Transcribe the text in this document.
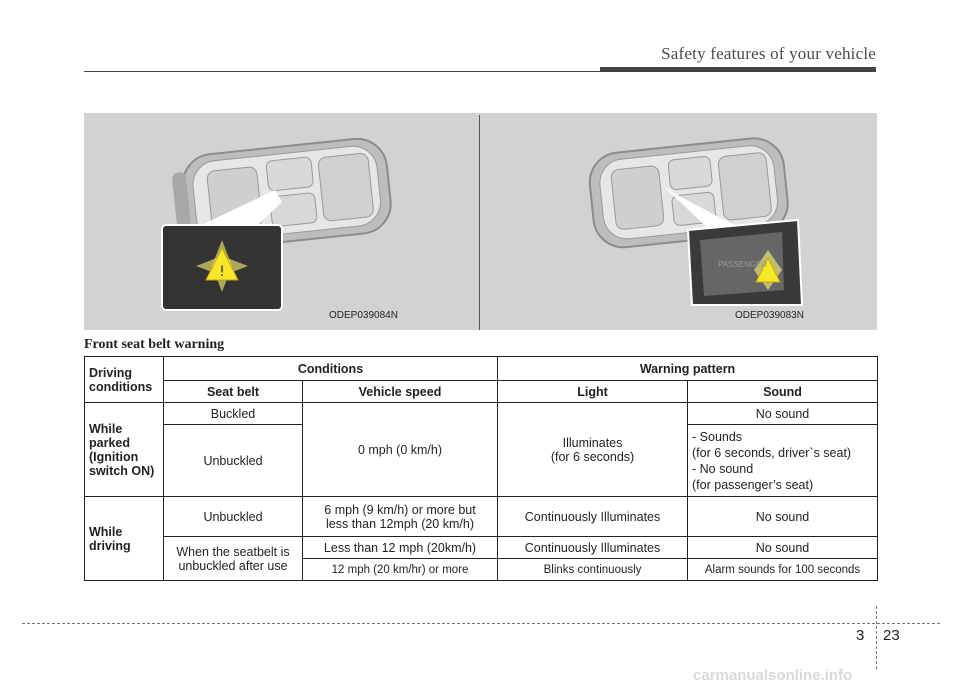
Safety features of your vehicle
!
ODEP039084N
PASSENGER
ODEP039083N
Front seat belt warning
Driving
conditions	Conditions		Warning pattern	
	Seat belt	Vehicle speed	Light	Sound
While
parked
(Ignition
switch ON)	Buckled	0 mph (0 km/h)	Illuminates
(for 6 seconds)	No sound
	Unbuckled			- Sounds
(for 6 seconds, driver`s seat)
- No sound
(for passenger’s seat)
While
driving	Unbuckled	6 mph (9 km/h) or more but
less than 12mph (20 km/h)	Continuously Illuminates	No sound
	When the seatbelt is
unbuckled after use	Less than 12 mph (20km/h)	Continuously Illuminates	No sound
		12 mph (20 km/hr) or more	Blinks continuously	Alarm sounds for 100 seconds
3 23
carmanualsonline.info
